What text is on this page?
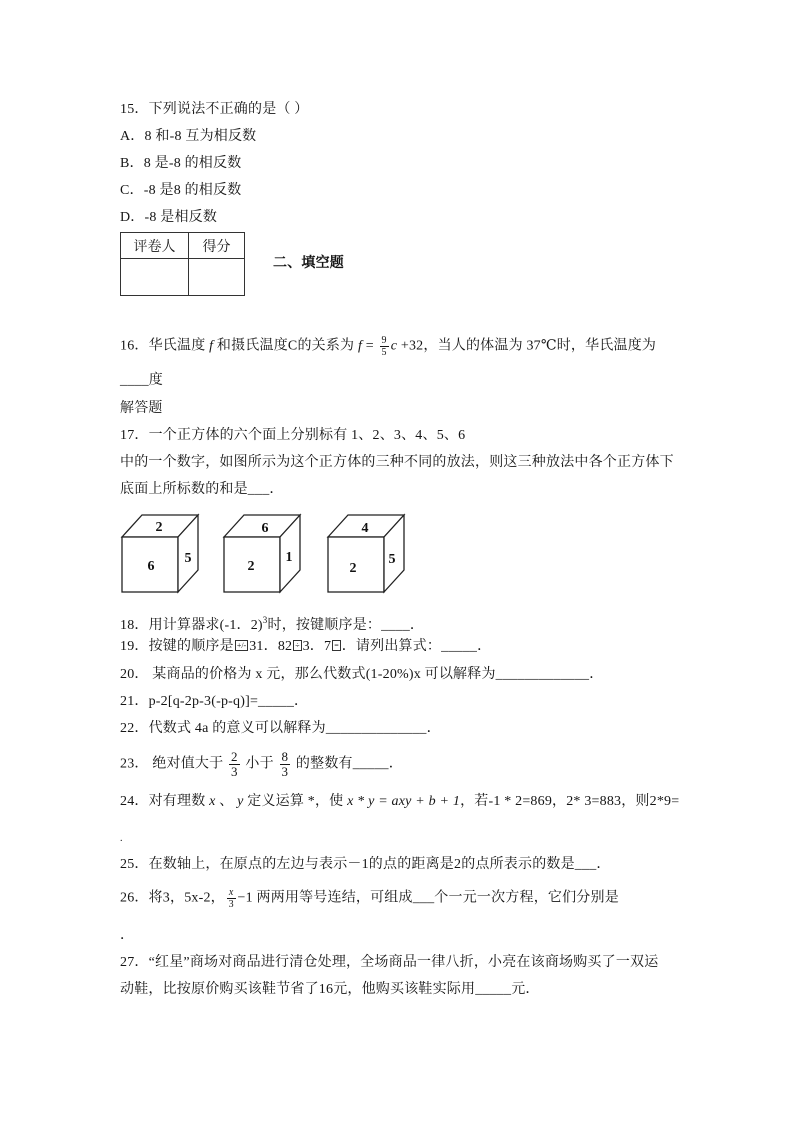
15．下列说法不正确的是（ ）
A．8 和-8 互为相反数
B．8 是-8 的相反数
C．-8 是8 的相反数
D．-8 是相反数
评卷人	得分

二、填空题
16．华氏温度 f 和摄氏温度C的关系为 $f = \frac{9}{5}$ c +32，当人的体温为 37℃时，华氏温度为
____度
解答题
17．一个正方体的六个面上分别标有 1、2、3、4、5、6
中的一个数字，如图所示为这个正方体的三种不同的放法，则这三种放法中各个正方体下
底面上所标数的和是___．
2
6
5
6
2
1
4
2
5
18．用计算器求(-1．2)$^3$时，按键顺序是：____．
19．按键的顺序是 +/- 31．82 ÷ 3．7 = ．请列出算式：_____．
20． 某商品的价格为 x 元，那么代数式(1-20%)x 可以解释为_____________．
21．p-2[q-2p-3(-p-q)]=_____．
22．代数式 4a 的意义可以解释为______________．
23． 绝对值大于 $\frac{2}{3}$ 小于 $\frac{8}{3}$ 的整数有_____．
24．对有理数 x 、 y 定义运算 *，使 x * y = axy + b + 1，若-1 * 2=869，2* 3=883，则2*9=
.
25．在数轴上，在原点的左边与表示－1的点的距离是2的点所表示的数是___．
26．将3，5x-2， $\frac{x}{3} -1$ 两两用等号连结，可组成___个一元一次方程，它们分别是
．
27．“红星”商场对商品进行清仓处理，全场商品一律八折，小亮在该商场购买了一双运
动鞋，比按原价购买该鞋节省了16元，他购买该鞋实际用_____元．
